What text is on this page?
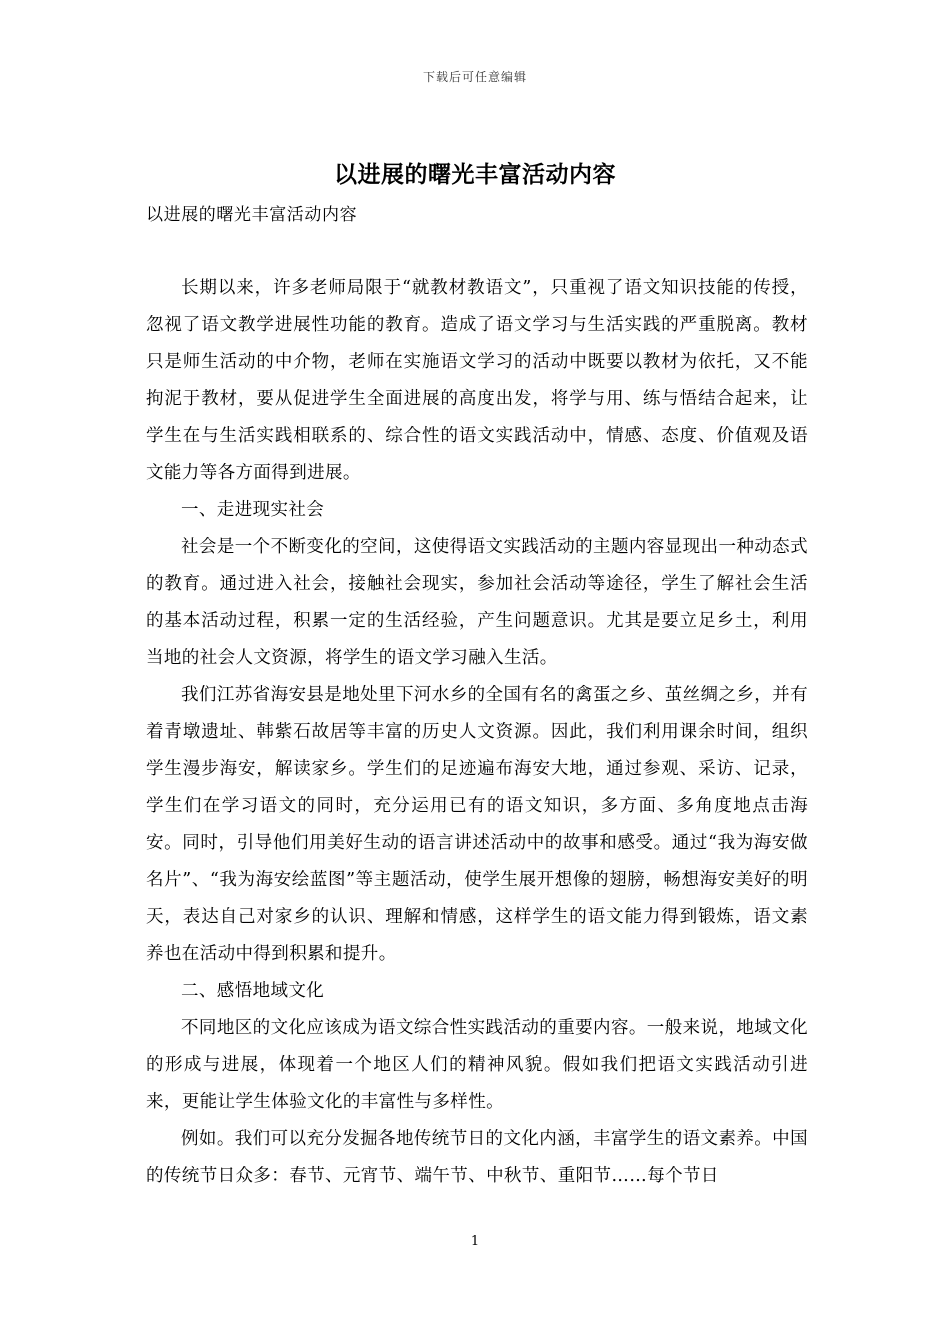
下载后可任意编辑
以进展的曙光丰富活动内容
以进展的曙光丰富活动内容

长期以来，许多老师局限于“就教材教语文”，只重视了语文知识技能的传授，忽视了语文教学进展性功能的教育。造成了语文学习与生活实践的严重脱离。教材只是师生活动的中介物，老师在实施语文学习的活动中既要以教材为依托，又不能拘泥于教材，要从促进学生全面进展的高度出发，将学与用、练与悟结合起来，让学生在与生活实践相联系的、综合性的语文实践活动中，情感、态度、价值观及语文能力等各方面得到进展。

一、走进现实社会

社会是一个不断变化的空间，这使得语文实践活动的主题内容显现出一种动态式的教育。通过进入社会，接触社会现实，参加社会活动等途径，学生了解社会生活的基本活动过程，积累一定的生活经验，产生问题意识。尤其是要立足乡土，利用当地的社会人文资源，将学生的语文学习融入生活。

我们江苏省海安县是地处里下河水乡的全国有名的禽蛋之乡、茧丝绸之乡，并有着青墩遗址、韩紫石故居等丰富的历史人文资源。因此，我们利用课余时间，组织学生漫步海安，解读家乡。学生们的足迹遍布海安大地，通过参观、采访、记录，学生们在学习语文的同时，充分运用已有的语文知识，多方面、多角度地点击海安。同时，引导他们用美好生动的语言讲述活动中的故事和感受。通过“我为海安做名片”、“我为海安绘蓝图”等主题活动，使学生展开想像的翅膀，畅想海安美好的明天，表达自己对家乡的认识、理解和情感，这样学生的语文能力得到锻炼，语文素养也在活动中得到积累和提升。

二、感悟地域文化

不同地区的文化应该成为语文综合性实践活动的重要内容。一般来说，地域文化的形成与进展，体现着一个地区人们的精神风貌。假如我们把语文实践活动引进来，更能让学生体验文化的丰富性与多样性。

例如。我们可以充分发掘各地传统节日的文化内涵，丰富学生的语文素养。中国的传统节日众多：春节、元宵节、端午节、中秋节、重阳节……每个节日

1
